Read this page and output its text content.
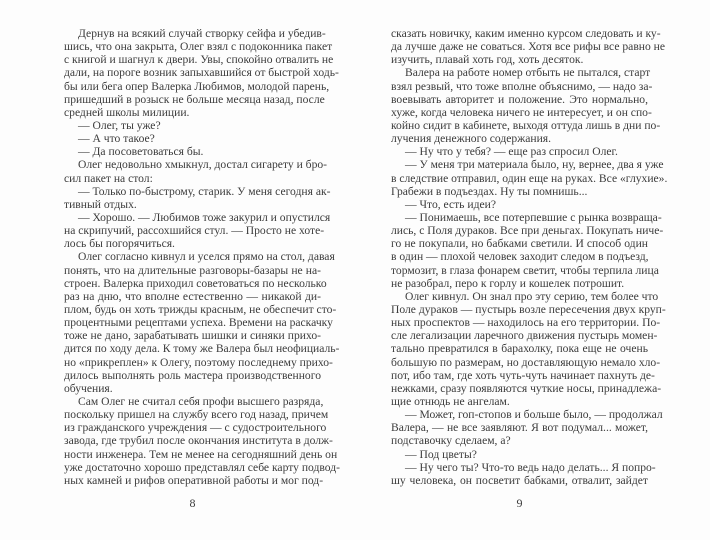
Дернув на всякий случай створку сейфа и убедив-
шись, что она закрыта, Олег взял с подоконника пакет
с книгой и шагнул к двери. Увы, спокойно отвалить не
дали, на пороге возник запыхавшийся от быстрой ходь-
бы или бега опер Валерка Любимов, молодой парень,
пришедший в розыск не больше месяца назад, после
средней школы милиции.
— Олег, ты уже?
— А что такое?
— Да посоветоваться бы.
Олег недовольно хмыкнул, достал сигарету и бро-
сил пакет на стол:
— Только по-быстрому, старик. У меня сегодня ак-
тивный отдых.
— Хорошо. — Любимов тоже закурил и опустился
на скрипучий, рассохшийся стул. — Просто не хоте-
лось бы погорячиться.
Олег согласно кивнул и уселся прямо на стол, давая
понять, что на длительные разговоры-базары не на-
строен. Валерка приходил советоваться по несколько
раз на дню, что вполне естественно — никакой ди-
плом, будь он хоть трижды красным, не обеспечит сто-
процентными рецептами успеха. Времени на раскачку
тоже не дано, зарабатывать шишки и синяки прихо-
дится по ходу дела. К тому же Валера был неофициаль-
но «прикреплен» к Олегу, поэтому последнему прихо-
дилось выполнять роль мастера производственного
обучения.
Сам Олег не считал себя профи высшего разряда,
поскольку пришел на службу всего год назад, причем
из гражданского учреждения — с судостроительного
завода, где трубил после окончания института в долж-
ности инженера. Тем не менее на сегодняшний день он
уже достаточно хорошо представлял себе карту подвод-
ных камней и рифов оперативной работы и мог под-
8
сказать новичку, каким именно курсом следовать и ку-
да лучше даже не соваться. Хотя все рифы все равно не
изучить, плавай хоть год, хоть десяток.
Валера на работе номер отбыть не пытался, старт
взял резвый, что тоже вполне объяснимо, — надо за-
воевывать авторитет и положение. Это нормально,
хуже, когда человека ничего не интересует, и он спо-
койно сидит в кабинете, выходя оттуда лишь в дни по-
лучения денежного содержания.
— Ну что у тебя? — еще раз спросил Олег.
— У меня три материала было, ну, вернее, два я уже
в следствие отправил, один еще на руках. Все «глухие».
Грабежи в подъездах. Ну ты помнишь...
— Что, есть идеи?
— Понимаешь, все потерпевшие с рынка возвраща-
лись, с Поля дураков. Все при деньгах. Покупать ниче-
го не покупали, но бабками светили. И способ один
в один — плохой человек заходит следом в подъезд,
тормозит, в глаза фонарем светит, чтобы терпила лица
не разобрал, перо к горлу и кошелек потрошит.
Олег кивнул. Он знал про эту серию, тем более что
Поле дураков — пустырь возле пересечения двух круп-
ных проспектов — находилось на его территории. По-
сле легализации ларечного движения пустырь момен-
тально превратился в барахолку, пока еще не очень
большую по размерам, но доставляющую немало хло-
пот, ибо там, где хоть чуть-чуть начинает пахнуть де-
нежками, сразу появляются чуткие носы, принадлежа-
щие отнюдь не ангелам.
— Может, гоп-стопов и больше было, — продолжал
Валера, — не все заявляют. Я вот подумал... может,
подставочку сделаем, а?
— Под цветы?
— Ну чего ты? Что-то ведь надо делать... Я попро-
шу человека, он посветит бабками, отвалит, зайдет
9
